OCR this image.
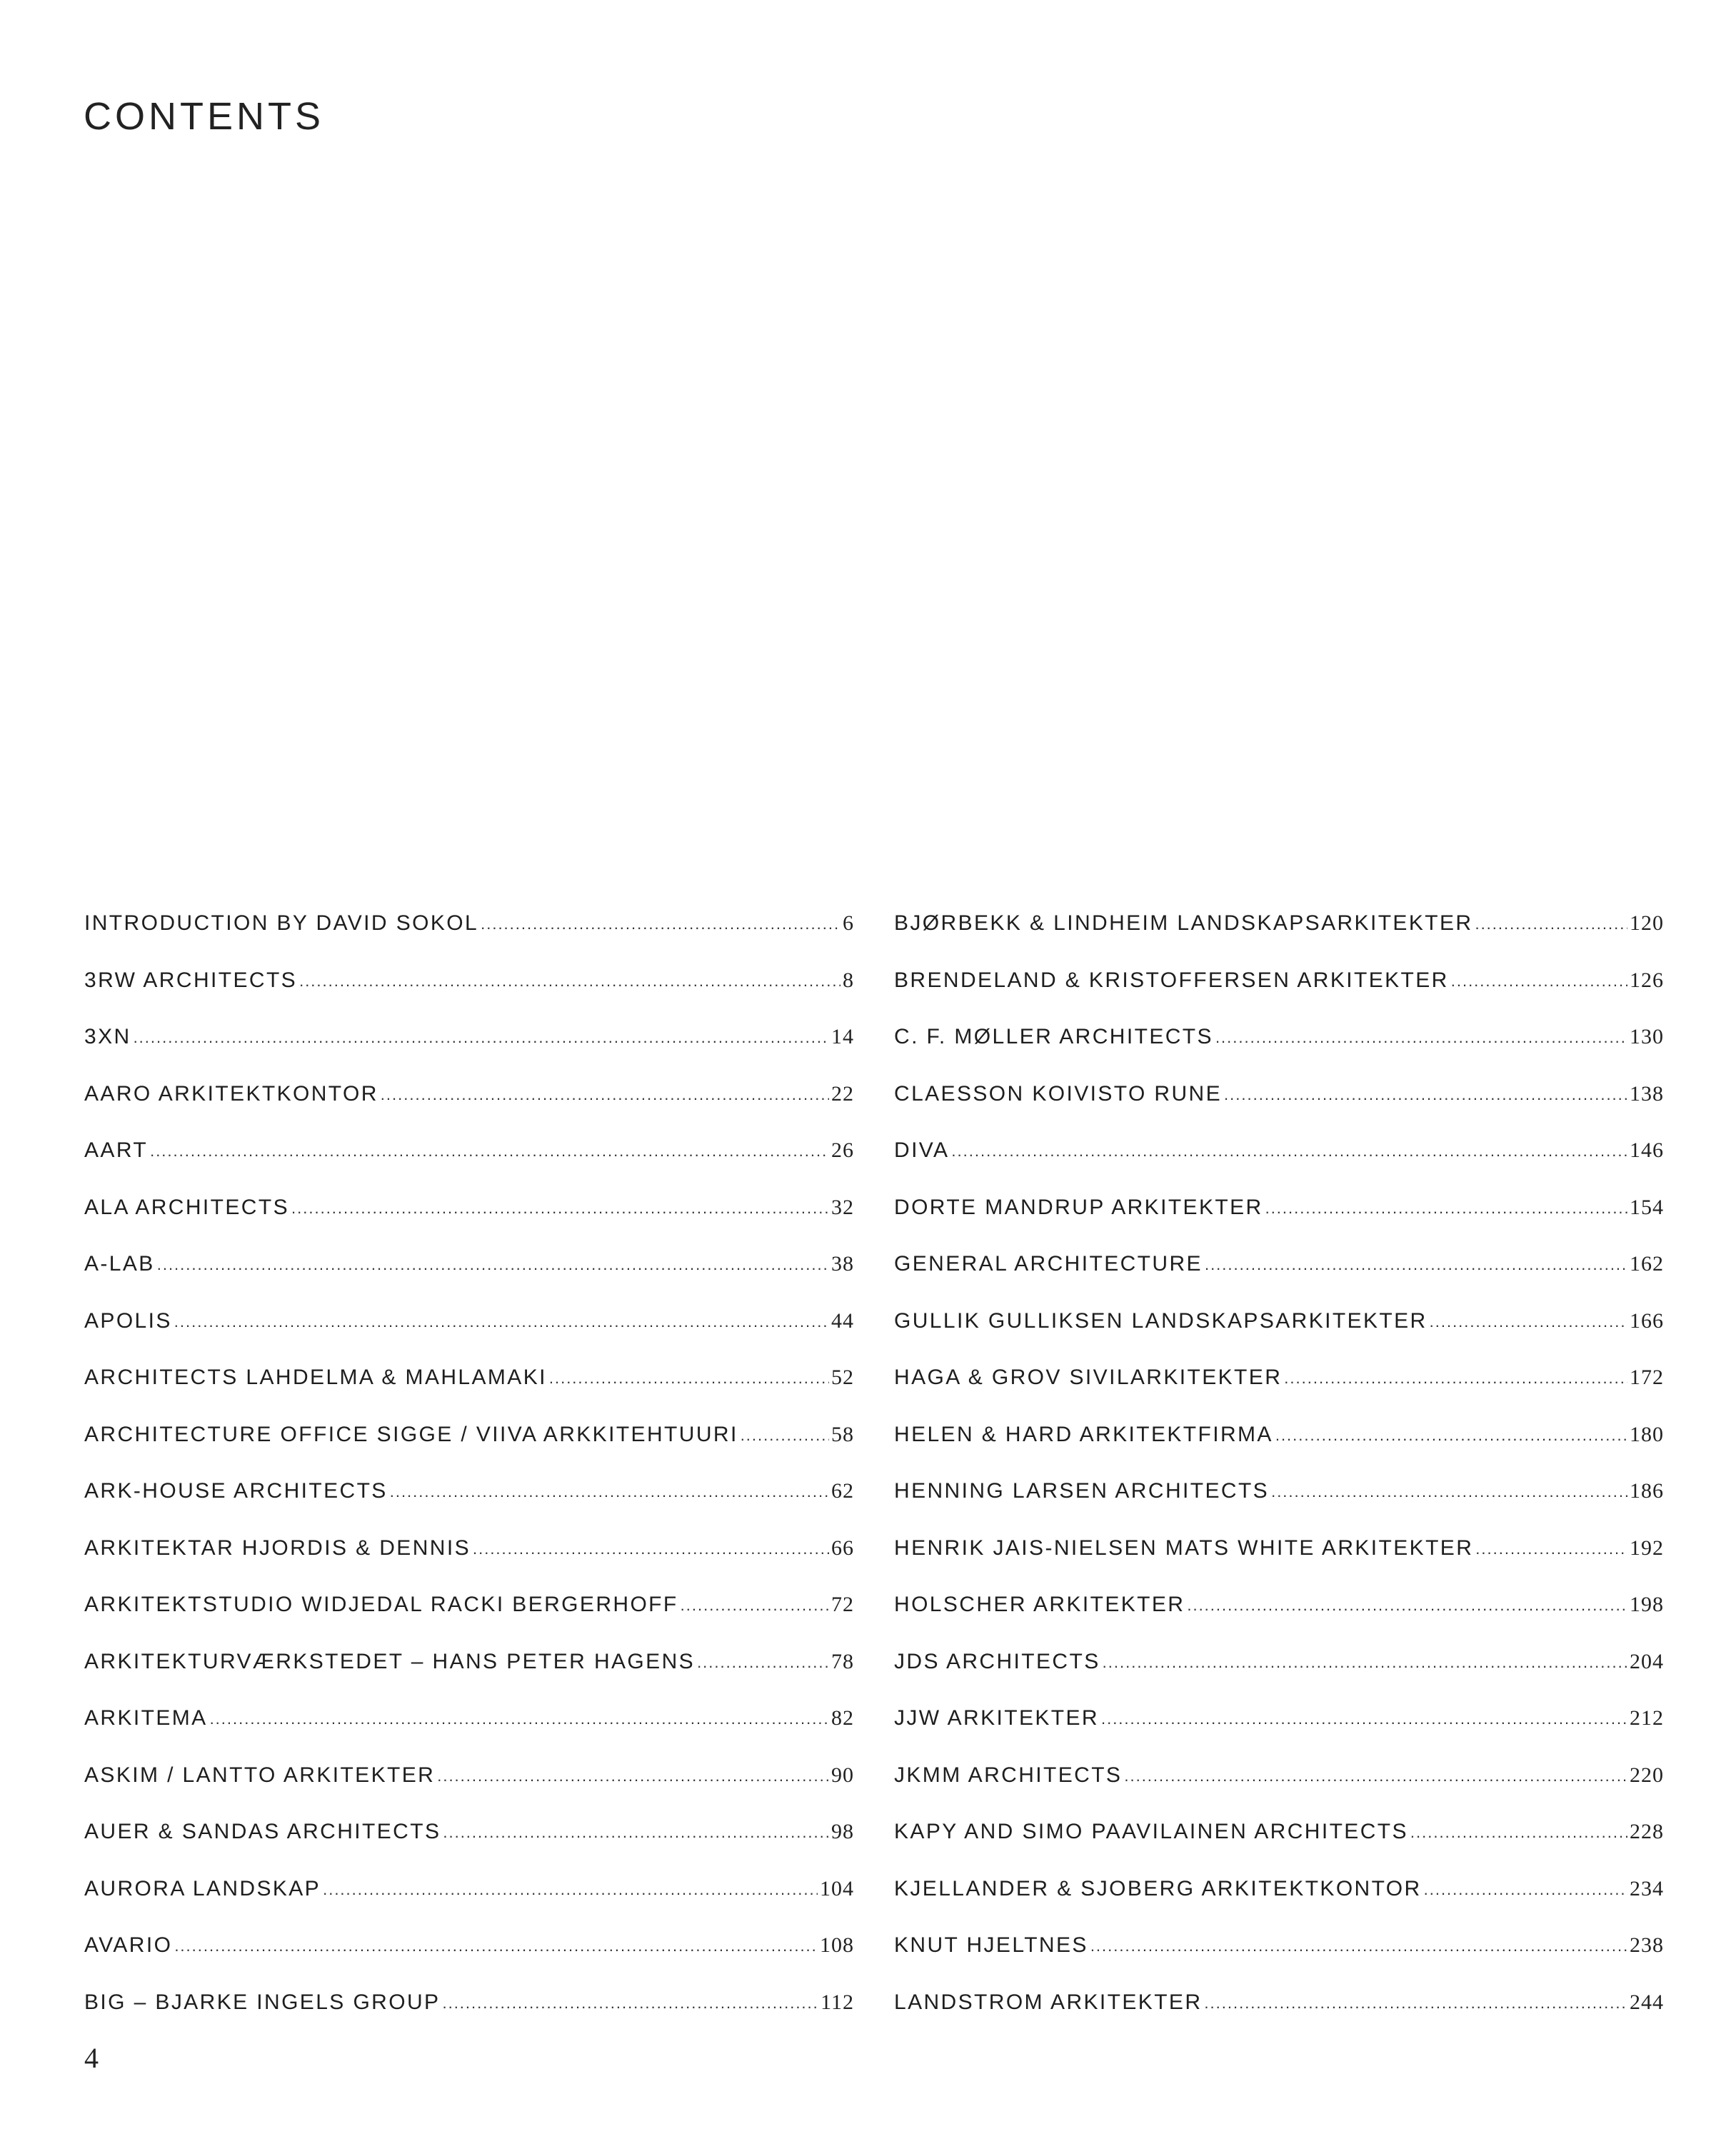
CONTENTS
INTRODUCTION BY DAVID SOKOL .....	6
3RW ARCHITECTS .....	8
3XN .....	14
AARO ARKITEKTKONTOR .....	22
AART .....	26
ALA ARCHITECTS .....	32
A-LAB .....	38
APOLIS .....	44
ARCHITECTS LAHDELMA & MAHLAMAKI .....	52
ARCHITECTURE OFFICE SIGGE / VIIVA ARKKITEHTUURI .....	58
ARK-HOUSE ARCHITECTS .....	62
ARKITEKTAR HJORDIS & DENNIS .....	66
ARKITEKTSTUDIO WIDJEDAL RACKI BERGERHOFF .....	72
ARKITEKTURVÆRKSTEDET – HANS PETER HAGENS .....	78
ARKITEMA .....	82
ASKIM / LANTTO ARKITEKTER .....	90
AUER & SANDAS ARCHITECTS .....	98
AURORA LANDSKAP .....	104
AVARIO .....	108
BIG – BJARKE INGELS GROUP .....	112
BJØRBEKK & LINDHEIM LANDSKAPSARKITEKTER .....	120
BRENDELAND & KRISTOFFERSEN ARKITEKTER .....	126
C. F. MØLLER ARCHITECTS .....	130
CLAESSON KOIVISTO RUNE .....	138
DIVA .....	146
DORTE MANDRUP ARKITEKTER .....	154
GENERAL ARCHITECTURE .....	162
GULLIK GULLIKSEN LANDSKAPSARKITEKTER .....	166
HAGA & GROV SIVILARKITEKTER .....	172
HELEN & HARD ARKITEKTFIRMA .....	180
HENNING LARSEN ARCHITECTS .....	186
HENRIK JAIS-NIELSEN MATS WHITE ARKITEKTER .....	192
HOLSCHER ARKITEKTER .....	198
JDS ARCHITECTS .....	204
JJW ARKITEKTER .....	212
JKMM ARCHITECTS .....	220
KAPY AND SIMO PAAVILAINEN ARCHITECTS .....	228
KJELLANDER & SJOBERG ARKITEKTKONTOR .....	234
KNUT HJELTNES .....	238
LANDSTROM ARKITEKTER .....	244
4
